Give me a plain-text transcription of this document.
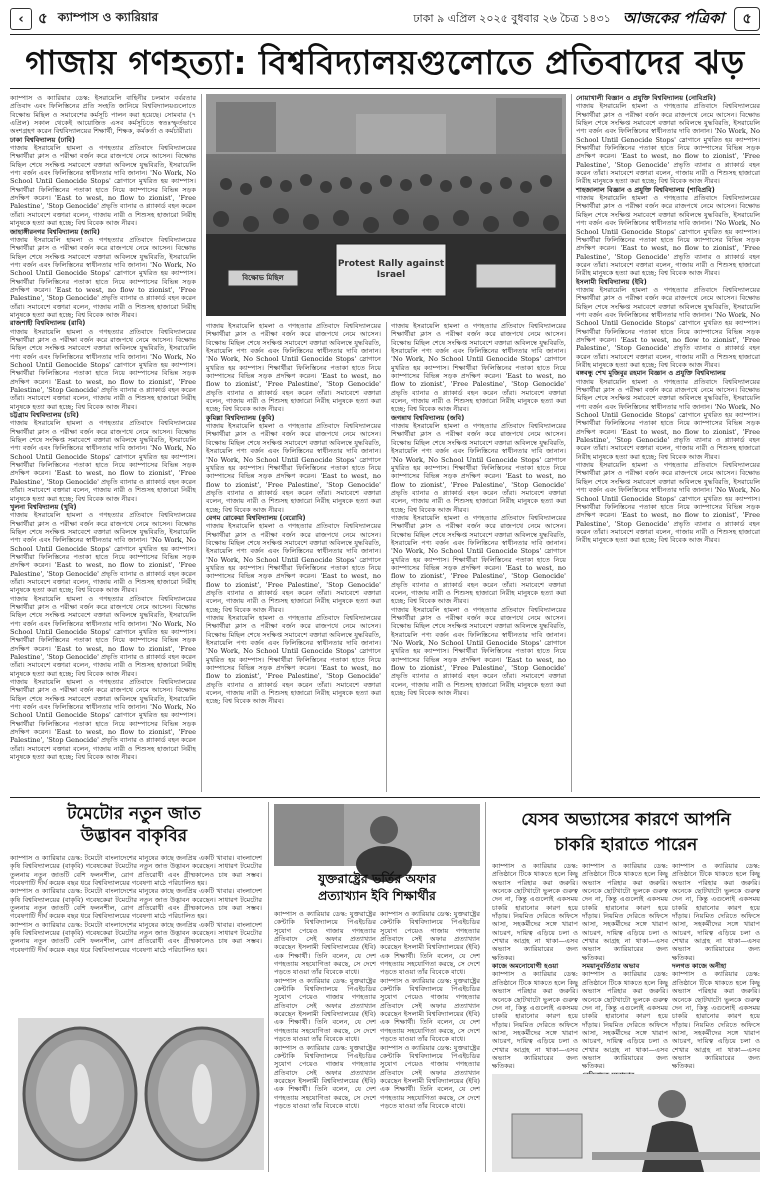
‹ ৫ ক্যাম্পাস ও ক্যারিয়ার	ঢাকা ৯ এপ্রিল ২০২৫ বুধবার ২৬ চৈত্র ১৪৩১ আজকের পত্রিকা	৫
গাজায় গণহত্যা: বিশ্ববিদ্যালয়গুলোতে প্রতিবাদের ঝড়
ক্যাম্পাস ও ক্যারিয়ার ডেস্ক: ইসরায়েলি বাহিনীর চলমান বর্বরতার প্রতিবাদ এবং ফিলিস্তিনের প্রতি সংহতি জানিয়ে বিশ্ববিদ্যালয়গুলোতে বিক্ষোভ মিছিল ও সমাবেশের কর্মসূচি পালন করা হয়েছে। সোমবার (৭ এপ্রিল) সকাল থেকেই আয়োজিত এসব কর্মসূচিতে স্বতঃস্ফূর্তভাবে অংশগ্রহণ করেন বিশ্ববিদ্যালয়ের শিক্ষার্থী, শিক্ষক, কর্মকর্তা ও কর্মচারীরা।
ঢাকা বিশ্ববিদ্যালয় (ঢাবি)

গাজায় ইসরায়েলি হামলা ও গণহত্যার প্রতিবাদে বিশ্ববিদ্যালয়ের শিক্ষার্থীরা ক্লাস ও পরীক্ষা বর্জন করে রাজপথে নেমে আসেন। বিক্ষোভ মিছিল শেষে সংক্ষিপ্ত সমাবেশে বক্তারা অবিলম্বে যুদ্ধবিরতি, ইসরায়েলি পণ্য বর্জন এবং ফিলিস্তিনের স্বাধীনতার দাবি জানান। 'No Work, No School Until Genocide Stops' স্লোগানে মুখরিত হয় ক্যাম্পাস। শিক্ষার্থীরা ফিলিস্তিনের পতাকা হাতে নিয়ে ক্যাম্পাসের বিভিন্ন সড়ক প্রদক্ষিণ করেন। 'East to west, no flow to zionist', 'Free Palestine', 'Stop Genocide' প্রভৃতি ব্যানার ও প্ল্যাকার্ড বহন করেন তাঁরা। সমাবেশে বক্তারা বলেন, গাজায় নারী ও শিশুসহ হাজারো নিরীহ মানুষকে হত্যা করা হচ্ছে; বিশ্ব বিবেক আজ নীরব।
জাহাঙ্গীরনগর বিশ্ববিদ্যালয় (জাবি)

গাজায় ইসরায়েলি হামলা ও গণহত্যার প্রতিবাদে বিশ্ববিদ্যালয়ের শিক্ষার্থীরা ক্লাস ও পরীক্ষা বর্জন করে রাজপথে নেমে আসেন। বিক্ষোভ মিছিল শেষে সংক্ষিপ্ত সমাবেশে বক্তারা অবিলম্বে যুদ্ধবিরতি, ইসরায়েলি পণ্য বর্জন এবং ফিলিস্তিনের স্বাধীনতার দাবি জানান। 'No Work, No School Until Genocide Stops' স্লোগানে মুখরিত হয় ক্যাম্পাস। শিক্ষার্থীরা ফিলিস্তিনের পতাকা হাতে নিয়ে ক্যাম্পাসের বিভিন্ন সড়ক প্রদক্ষিণ করেন। 'East to west, no flow to zionist', 'Free Palestine', 'Stop Genocide' প্রভৃতি ব্যানার ও প্ল্যাকার্ড বহন করেন তাঁরা। সমাবেশে বক্তারা বলেন, গাজায় নারী ও শিশুসহ হাজারো নিরীহ মানুষকে হত্যা করা হচ্ছে; বিশ্ব বিবেক আজ নীরব।
রাজশাহী বিশ্ববিদ্যালয় (রাবি)

গাজায় ইসরায়েলি হামলা ও গণহত্যার প্রতিবাদে বিশ্ববিদ্যালয়ের শিক্ষার্থীরা ক্লাস ও পরীক্ষা বর্জন করে রাজপথে নেমে আসেন। বিক্ষোভ মিছিল শেষে সংক্ষিপ্ত সমাবেশে বক্তারা অবিলম্বে যুদ্ধবিরতি, ইসরায়েলি পণ্য বর্জন এবং ফিলিস্তিনের স্বাধীনতার দাবি জানান। 'No Work, No School Until Genocide Stops' স্লোগানে মুখরিত হয় ক্যাম্পাস। শিক্ষার্থীরা ফিলিস্তিনের পতাকা হাতে নিয়ে ক্যাম্পাসের বিভিন্ন সড়ক প্রদক্ষিণ করেন। 'East to west, no flow to zionist', 'Free Palestine', 'Stop Genocide' প্রভৃতি ব্যানার ও প্ল্যাকার্ড বহন করেন তাঁরা। সমাবেশে বক্তারা বলেন, গাজায় নারী ও শিশুসহ হাজারো নিরীহ মানুষকে হত্যা করা হচ্ছে; বিশ্ব বিবেক আজ নীরব।
চট্টগ্রাম বিশ্ববিদ্যালয় (চবি)

গাজায় ইসরায়েলি হামলা ও গণহত্যার প্রতিবাদে বিশ্ববিদ্যালয়ের শিক্ষার্থীরা ক্লাস ও পরীক্ষা বর্জন করে রাজপথে নেমে আসেন। বিক্ষোভ মিছিল শেষে সংক্ষিপ্ত সমাবেশে বক্তারা অবিলম্বে যুদ্ধবিরতি, ইসরায়েলি পণ্য বর্জন এবং ফিলিস্তিনের স্বাধীনতার দাবি জানান। 'No Work, No School Until Genocide Stops' স্লোগানে মুখরিত হয় ক্যাম্পাস। শিক্ষার্থীরা ফিলিস্তিনের পতাকা হাতে নিয়ে ক্যাম্পাসের বিভিন্ন সড়ক প্রদক্ষিণ করেন। 'East to west, no flow to zionist', 'Free Palestine', 'Stop Genocide' প্রভৃতি ব্যানার ও প্ল্যাকার্ড বহন করেন তাঁরা। সমাবেশে বক্তারা বলেন, গাজায় নারী ও শিশুসহ হাজারো নিরীহ মানুষকে হত্যা করা হচ্ছে; বিশ্ব বিবেক আজ নীরব।
খুলনা বিশ্ববিদ্যালয় (খুবি)

গাজায় ইসরায়েলি হামলা ও গণহত্যার প্রতিবাদে বিশ্ববিদ্যালয়ের শিক্ষার্থীরা ক্লাস ও পরীক্ষা বর্জন করে রাজপথে নেমে আসেন। বিক্ষোভ মিছিল শেষে সংক্ষিপ্ত সমাবেশে বক্তারা অবিলম্বে যুদ্ধবিরতি, ইসরায়েলি পণ্য বর্জন এবং ফিলিস্তিনের স্বাধীনতার দাবি জানান। 'No Work, No School Until Genocide Stops' স্লোগানে মুখরিত হয় ক্যাম্পাস। শিক্ষার্থীরা ফিলিস্তিনের পতাকা হাতে নিয়ে ক্যাম্পাসের বিভিন্ন সড়ক প্রদক্ষিণ করেন। 'East to west, no flow to zionist', 'Free Palestine', 'Stop Genocide' প্রভৃতি ব্যানার ও প্ল্যাকার্ড বহন করেন তাঁরা। সমাবেশে বক্তারা বলেন, গাজায় নারী ও শিশুসহ হাজারো নিরীহ মানুষকে হত্যা করা হচ্ছে; বিশ্ব বিবেক আজ নীরব।
গাজায় ইসরায়েলি হামলা ও গণহত্যার প্রতিবাদে বিশ্ববিদ্যালয়ের শিক্ষার্থীরা ক্লাস ও পরীক্ষা বর্জন করে রাজপথে নেমে আসেন। বিক্ষোভ মিছিল শেষে সংক্ষিপ্ত সমাবেশে বক্তারা অবিলম্বে যুদ্ধবিরতি, ইসরায়েলি পণ্য বর্জন এবং ফিলিস্তিনের স্বাধীনতার দাবি জানান। 'No Work, No School Until Genocide Stops' স্লোগানে মুখরিত হয় ক্যাম্পাস। শিক্ষার্থীরা ফিলিস্তিনের পতাকা হাতে নিয়ে ক্যাম্পাসের বিভিন্ন সড়ক প্রদক্ষিণ করেন। 'East to west, no flow to zionist', 'Free Palestine', 'Stop Genocide' প্রভৃতি ব্যানার ও প্ল্যাকার্ড বহন করেন তাঁরা। সমাবেশে বক্তারা বলেন, গাজায় নারী ও শিশুসহ হাজারো নিরীহ মানুষকে হত্যা করা হচ্ছে; বিশ্ব বিবেক আজ নীরব।
গাজায় ইসরায়েলি হামলা ও গণহত্যার প্রতিবাদে বিশ্ববিদ্যালয়ের শিক্ষার্থীরা ক্লাস ও পরীক্ষা বর্জন করে রাজপথে নেমে আসেন। বিক্ষোভ মিছিল শেষে সংক্ষিপ্ত সমাবেশে বক্তারা অবিলম্বে যুদ্ধবিরতি, ইসরায়েলি পণ্য বর্জন এবং ফিলিস্তিনের স্বাধীনতার দাবি জানান। 'No Work, No School Until Genocide Stops' স্লোগানে মুখরিত হয় ক্যাম্পাস। শিক্ষার্থীরা ফিলিস্তিনের পতাকা হাতে নিয়ে ক্যাম্পাসের বিভিন্ন সড়ক প্রদক্ষিণ করেন। 'East to west, no flow to zionist', 'Free Palestine', 'Stop Genocide' প্রভৃতি ব্যানার ও প্ল্যাকার্ড বহন করেন তাঁরা। সমাবেশে বক্তারা বলেন, গাজায় নারী ও শিশুসহ হাজারো নিরীহ মানুষকে হত্যা করা হচ্ছে; বিশ্ব বিবেক আজ নীরব।
Protest Rally against Israel
বিক্ষোভ মিছিল
গাজায় ইসরায়েলি হামলা ও গণহত্যার প্রতিবাদে বিশ্ববিদ্যালয়ের শিক্ষার্থীরা ক্লাস ও পরীক্ষা বর্জন করে রাজপথে নেমে আসেন। বিক্ষোভ মিছিল শেষে সংক্ষিপ্ত সমাবেশে বক্তারা অবিলম্বে যুদ্ধবিরতি, ইসরায়েলি পণ্য বর্জন এবং ফিলিস্তিনের স্বাধীনতার দাবি জানান। 'No Work, No School Until Genocide Stops' স্লোগানে মুখরিত হয় ক্যাম্পাস। শিক্ষার্থীরা ফিলিস্তিনের পতাকা হাতে নিয়ে ক্যাম্পাসের বিভিন্ন সড়ক প্রদক্ষিণ করেন। 'East to west, no flow to zionist', 'Free Palestine', 'Stop Genocide' প্রভৃতি ব্যানার ও প্ল্যাকার্ড বহন করেন তাঁরা। সমাবেশে বক্তারা বলেন, গাজায় নারী ও শিশুসহ হাজারো নিরীহ মানুষকে হত্যা করা হচ্ছে; বিশ্ব বিবেক আজ নীরব।
কুমিল্লা বিশ্ববিদ্যালয় (কুবি)

গাজায় ইসরায়েলি হামলা ও গণহত্যার প্রতিবাদে বিশ্ববিদ্যালয়ের শিক্ষার্থীরা ক্লাস ও পরীক্ষা বর্জন করে রাজপথে নেমে আসেন। বিক্ষোভ মিছিল শেষে সংক্ষিপ্ত সমাবেশে বক্তারা অবিলম্বে যুদ্ধবিরতি, ইসরায়েলি পণ্য বর্জন এবং ফিলিস্তিনের স্বাধীনতার দাবি জানান। 'No Work, No School Until Genocide Stops' স্লোগানে মুখরিত হয় ক্যাম্পাস। শিক্ষার্থীরা ফিলিস্তিনের পতাকা হাতে নিয়ে ক্যাম্পাসের বিভিন্ন সড়ক প্রদক্ষিণ করেন। 'East to west, no flow to zionist', 'Free Palestine', 'Stop Genocide' প্রভৃতি ব্যানার ও প্ল্যাকার্ড বহন করেন তাঁরা। সমাবেশে বক্তারা বলেন, গাজায় নারী ও শিশুসহ হাজারো নিরীহ মানুষকে হত্যা করা হচ্ছে; বিশ্ব বিবেক আজ নীরব।
বেগম রোকেয়া বিশ্ববিদ্যালয় (বেরোবি)

গাজায় ইসরায়েলি হামলা ও গণহত্যার প্রতিবাদে বিশ্ববিদ্যালয়ের শিক্ষার্থীরা ক্লাস ও পরীক্ষা বর্জন করে রাজপথে নেমে আসেন। বিক্ষোভ মিছিল শেষে সংক্ষিপ্ত সমাবেশে বক্তারা অবিলম্বে যুদ্ধবিরতি, ইসরায়েলি পণ্য বর্জন এবং ফিলিস্তিনের স্বাধীনতার দাবি জানান। 'No Work, No School Until Genocide Stops' স্লোগানে মুখরিত হয় ক্যাম্পাস। শিক্ষার্থীরা ফিলিস্তিনের পতাকা হাতে নিয়ে ক্যাম্পাসের বিভিন্ন সড়ক প্রদক্ষিণ করেন। 'East to west, no flow to zionist', 'Free Palestine', 'Stop Genocide' প্রভৃতি ব্যানার ও প্ল্যাকার্ড বহন করেন তাঁরা। সমাবেশে বক্তারা বলেন, গাজায় নারী ও শিশুসহ হাজারো নিরীহ মানুষকে হত্যা করা হচ্ছে; বিশ্ব বিবেক আজ নীরব।
গাজায় ইসরায়েলি হামলা ও গণহত্যার প্রতিবাদে বিশ্ববিদ্যালয়ের শিক্ষার্থীরা ক্লাস ও পরীক্ষা বর্জন করে রাজপথে নেমে আসেন। বিক্ষোভ মিছিল শেষে সংক্ষিপ্ত সমাবেশে বক্তারা অবিলম্বে যুদ্ধবিরতি, ইসরায়েলি পণ্য বর্জন এবং ফিলিস্তিনের স্বাধীনতার দাবি জানান। 'No Work, No School Until Genocide Stops' স্লোগানে মুখরিত হয় ক্যাম্পাস। শিক্ষার্থীরা ফিলিস্তিনের পতাকা হাতে নিয়ে ক্যাম্পাসের বিভিন্ন সড়ক প্রদক্ষিণ করেন। 'East to west, no flow to zionist', 'Free Palestine', 'Stop Genocide' প্রভৃতি ব্যানার ও প্ল্যাকার্ড বহন করেন তাঁরা। সমাবেশে বক্তারা বলেন, গাজায় নারী ও শিশুসহ হাজারো নিরীহ মানুষকে হত্যা করা হচ্ছে; বিশ্ব বিবেক আজ নীরব।
গাজায় ইসরায়েলি হামলা ও গণহত্যার প্রতিবাদে বিশ্ববিদ্যালয়ের শিক্ষার্থীরা ক্লাস ও পরীক্ষা বর্জন করে রাজপথে নেমে আসেন। বিক্ষোভ মিছিল শেষে সংক্ষিপ্ত সমাবেশে বক্তারা অবিলম্বে যুদ্ধবিরতি, ইসরায়েলি পণ্য বর্জন এবং ফিলিস্তিনের স্বাধীনতার দাবি জানান। 'No Work, No School Until Genocide Stops' স্লোগানে মুখরিত হয় ক্যাম্পাস। শিক্ষার্থীরা ফিলিস্তিনের পতাকা হাতে নিয়ে ক্যাম্পাসের বিভিন্ন সড়ক প্রদক্ষিণ করেন। 'East to west, no flow to zionist', 'Free Palestine', 'Stop Genocide' প্রভৃতি ব্যানার ও প্ল্যাকার্ড বহন করেন তাঁরা। সমাবেশে বক্তারা বলেন, গাজায় নারী ও শিশুসহ হাজারো নিরীহ মানুষকে হত্যা করা হচ্ছে; বিশ্ব বিবেক আজ নীরব।
জগন্নাথ বিশ্ববিদ্যালয় (জবি)

গাজায় ইসরায়েলি হামলা ও গণহত্যার প্রতিবাদে বিশ্ববিদ্যালয়ের শিক্ষার্থীরা ক্লাস ও পরীক্ষা বর্জন করে রাজপথে নেমে আসেন। বিক্ষোভ মিছিল শেষে সংক্ষিপ্ত সমাবেশে বক্তারা অবিলম্বে যুদ্ধবিরতি, ইসরায়েলি পণ্য বর্জন এবং ফিলিস্তিনের স্বাধীনতার দাবি জানান। 'No Work, No School Until Genocide Stops' স্লোগানে মুখরিত হয় ক্যাম্পাস। শিক্ষার্থীরা ফিলিস্তিনের পতাকা হাতে নিয়ে ক্যাম্পাসের বিভিন্ন সড়ক প্রদক্ষিণ করেন। 'East to west, no flow to zionist', 'Free Palestine', 'Stop Genocide' প্রভৃতি ব্যানার ও প্ল্যাকার্ড বহন করেন তাঁরা। সমাবেশে বক্তারা বলেন, গাজায় নারী ও শিশুসহ হাজারো নিরীহ মানুষকে হত্যা করা হচ্ছে; বিশ্ব বিবেক আজ নীরব।
গাজায় ইসরায়েলি হামলা ও গণহত্যার প্রতিবাদে বিশ্ববিদ্যালয়ের শিক্ষার্থীরা ক্লাস ও পরীক্ষা বর্জন করে রাজপথে নেমে আসেন। বিক্ষোভ মিছিল শেষে সংক্ষিপ্ত সমাবেশে বক্তারা অবিলম্বে যুদ্ধবিরতি, ইসরায়েলি পণ্য বর্জন এবং ফিলিস্তিনের স্বাধীনতার দাবি জানান। 'No Work, No School Until Genocide Stops' স্লোগানে মুখরিত হয় ক্যাম্পাস। শিক্ষার্থীরা ফিলিস্তিনের পতাকা হাতে নিয়ে ক্যাম্পাসের বিভিন্ন সড়ক প্রদক্ষিণ করেন। 'East to west, no flow to zionist', 'Free Palestine', 'Stop Genocide' প্রভৃতি ব্যানার ও প্ল্যাকার্ড বহন করেন তাঁরা। সমাবেশে বক্তারা বলেন, গাজায় নারী ও শিশুসহ হাজারো নিরীহ মানুষকে হত্যা করা হচ্ছে; বিশ্ব বিবেক আজ নীরব।
গাজায় ইসরায়েলি হামলা ও গণহত্যার প্রতিবাদে বিশ্ববিদ্যালয়ের শিক্ষার্থীরা ক্লাস ও পরীক্ষা বর্জন করে রাজপথে নেমে আসেন। বিক্ষোভ মিছিল শেষে সংক্ষিপ্ত সমাবেশে বক্তারা অবিলম্বে যুদ্ধবিরতি, ইসরায়েলি পণ্য বর্জন এবং ফিলিস্তিনের স্বাধীনতার দাবি জানান। 'No Work, No School Until Genocide Stops' স্লোগানে মুখরিত হয় ক্যাম্পাস। শিক্ষার্থীরা ফিলিস্তিনের পতাকা হাতে নিয়ে ক্যাম্পাসের বিভিন্ন সড়ক প্রদক্ষিণ করেন। 'East to west, no flow to zionist', 'Free Palestine', 'Stop Genocide' প্রভৃতি ব্যানার ও প্ল্যাকার্ড বহন করেন তাঁরা। সমাবেশে বক্তারা বলেন, গাজায় নারী ও শিশুসহ হাজারো নিরীহ মানুষকে হত্যা করা হচ্ছে; বিশ্ব বিবেক আজ নীরব।
নোয়াখালী বিজ্ঞান ও প্রযুক্তি বিশ্ববিদ্যালয় (নোবিপ্রবি)

গাজায় ইসরায়েলি হামলা ও গণহত্যার প্রতিবাদে বিশ্ববিদ্যালয়ের শিক্ষার্থীরা ক্লাস ও পরীক্ষা বর্জন করে রাজপথে নেমে আসেন। বিক্ষোভ মিছিল শেষে সংক্ষিপ্ত সমাবেশে বক্তারা অবিলম্বে যুদ্ধবিরতি, ইসরায়েলি পণ্য বর্জন এবং ফিলিস্তিনের স্বাধীনতার দাবি জানান। 'No Work, No School Until Genocide Stops' স্লোগানে মুখরিত হয় ক্যাম্পাস। শিক্ষার্থীরা ফিলিস্তিনের পতাকা হাতে নিয়ে ক্যাম্পাসের বিভিন্ন সড়ক প্রদক্ষিণ করেন। 'East to west, no flow to zionist', 'Free Palestine', 'Stop Genocide' প্রভৃতি ব্যানার ও প্ল্যাকার্ড বহন করেন তাঁরা। সমাবেশে বক্তারা বলেন, গাজায় নারী ও শিশুসহ হাজারো নিরীহ মানুষকে হত্যা করা হচ্ছে; বিশ্ব বিবেক আজ নীরব।
শাহজালাল বিজ্ঞান ও প্রযুক্তি বিশ্ববিদ্যালয় (শাবিপ্রবি)

গাজায় ইসরায়েলি হামলা ও গণহত্যার প্রতিবাদে বিশ্ববিদ্যালয়ের শিক্ষার্থীরা ক্লাস ও পরীক্ষা বর্জন করে রাজপথে নেমে আসেন। বিক্ষোভ মিছিল শেষে সংক্ষিপ্ত সমাবেশে বক্তারা অবিলম্বে যুদ্ধবিরতি, ইসরায়েলি পণ্য বর্জন এবং ফিলিস্তিনের স্বাধীনতার দাবি জানান। 'No Work, No School Until Genocide Stops' স্লোগানে মুখরিত হয় ক্যাম্পাস। শিক্ষার্থীরা ফিলিস্তিনের পতাকা হাতে নিয়ে ক্যাম্পাসের বিভিন্ন সড়ক প্রদক্ষিণ করেন। 'East to west, no flow to zionist', 'Free Palestine', 'Stop Genocide' প্রভৃতি ব্যানার ও প্ল্যাকার্ড বহন করেন তাঁরা। সমাবেশে বক্তারা বলেন, গাজায় নারী ও শিশুসহ হাজারো নিরীহ মানুষকে হত্যা করা হচ্ছে; বিশ্ব বিবেক আজ নীরব।
ইসলামী বিশ্ববিদ্যালয় (ইবি)

গাজায় ইসরায়েলি হামলা ও গণহত্যার প্রতিবাদে বিশ্ববিদ্যালয়ের শিক্ষার্থীরা ক্লাস ও পরীক্ষা বর্জন করে রাজপথে নেমে আসেন। বিক্ষোভ মিছিল শেষে সংক্ষিপ্ত সমাবেশে বক্তারা অবিলম্বে যুদ্ধবিরতি, ইসরায়েলি পণ্য বর্জন এবং ফিলিস্তিনের স্বাধীনতার দাবি জানান। 'No Work, No School Until Genocide Stops' স্লোগানে মুখরিত হয় ক্যাম্পাস। শিক্ষার্থীরা ফিলিস্তিনের পতাকা হাতে নিয়ে ক্যাম্পাসের বিভিন্ন সড়ক প্রদক্ষিণ করেন। 'East to west, no flow to zionist', 'Free Palestine', 'Stop Genocide' প্রভৃতি ব্যানার ও প্ল্যাকার্ড বহন করেন তাঁরা। সমাবেশে বক্তারা বলেন, গাজায় নারী ও শিশুসহ হাজারো নিরীহ মানুষকে হত্যা করা হচ্ছে; বিশ্ব বিবেক আজ নীরব।
বঙ্গবন্ধু শেখ মুজিবুর রহমান বিজ্ঞান ও প্রযুক্তি বিশ্ববিদ্যালয়

গাজায় ইসরায়েলি হামলা ও গণহত্যার প্রতিবাদে বিশ্ববিদ্যালয়ের শিক্ষার্থীরা ক্লাস ও পরীক্ষা বর্জন করে রাজপথে নেমে আসেন। বিক্ষোভ মিছিল শেষে সংক্ষিপ্ত সমাবেশে বক্তারা অবিলম্বে যুদ্ধবিরতি, ইসরায়েলি পণ্য বর্জন এবং ফিলিস্তিনের স্বাধীনতার দাবি জানান। 'No Work, No School Until Genocide Stops' স্লোগানে মুখরিত হয় ক্যাম্পাস। শিক্ষার্থীরা ফিলিস্তিনের পতাকা হাতে নিয়ে ক্যাম্পাসের বিভিন্ন সড়ক প্রদক্ষিণ করেন। 'East to west, no flow to zionist', 'Free Palestine', 'Stop Genocide' প্রভৃতি ব্যানার ও প্ল্যাকার্ড বহন করেন তাঁরা। সমাবেশে বক্তারা বলেন, গাজায় নারী ও শিশুসহ হাজারো নিরীহ মানুষকে হত্যা করা হচ্ছে; বিশ্ব বিবেক আজ নীরব।
গাজায় ইসরায়েলি হামলা ও গণহত্যার প্রতিবাদে বিশ্ববিদ্যালয়ের শিক্ষার্থীরা ক্লাস ও পরীক্ষা বর্জন করে রাজপথে নেমে আসেন। বিক্ষোভ মিছিল শেষে সংক্ষিপ্ত সমাবেশে বক্তারা অবিলম্বে যুদ্ধবিরতি, ইসরায়েলি পণ্য বর্জন এবং ফিলিস্তিনের স্বাধীনতার দাবি জানান। 'No Work, No School Until Genocide Stops' স্লোগানে মুখরিত হয় ক্যাম্পাস। শিক্ষার্থীরা ফিলিস্তিনের পতাকা হাতে নিয়ে ক্যাম্পাসের বিভিন্ন সড়ক প্রদক্ষিণ করেন। 'East to west, no flow to zionist', 'Free Palestine', 'Stop Genocide' প্রভৃতি ব্যানার ও প্ল্যাকার্ড বহন করেন তাঁরা। সমাবেশে বক্তারা বলেন, গাজায় নারী ও শিশুসহ হাজারো নিরীহ মানুষকে হত্যা করা হচ্ছে; বিশ্ব বিবেক আজ নীরব।
টমেটোর নতুন জাত
উদ্ভাবন বাকৃবির
ক্যাম্পাস ও ক্যারিয়ার ডেস্ক: টমেটো বাংলাদেশের মানুষের কাছে জনপ্রিয় একটি খাবার। বাংলাদেশ কৃষি বিশ্ববিদ্যালয়ের (বাকৃবি) গবেষকেরা টমেটোর নতুন জাত উদ্ভাবন করেছেন। সাধারণ টমেটোর তুলনায় নতুন জাতটি বেশি ফলনশীল, রোগ প্রতিরোধী এবং গ্রীষ্মকালেও চাষ করা সম্ভব। গবেষণাটি দীর্ঘ কয়েক বছর ধরে বিশ্ববিদ্যালয়ের গবেষণা মাঠে পরিচালিত হয়।
ক্যাম্পাস ও ক্যারিয়ার ডেস্ক: টমেটো বাংলাদেশের মানুষের কাছে জনপ্রিয় একটি খাবার। বাংলাদেশ কৃষি বিশ্ববিদ্যালয়ের (বাকৃবি) গবেষকেরা টমেটোর নতুন জাত উদ্ভাবন করেছেন। সাধারণ টমেটোর তুলনায় নতুন জাতটি বেশি ফলনশীল, রোগ প্রতিরোধী এবং গ্রীষ্মকালেও চাষ করা সম্ভব। গবেষণাটি দীর্ঘ কয়েক বছর ধরে বিশ্ববিদ্যালয়ের গবেষণা মাঠে পরিচালিত হয়।
ক্যাম্পাস ও ক্যারিয়ার ডেস্ক: টমেটো বাংলাদেশের মানুষের কাছে জনপ্রিয় একটি খাবার। বাংলাদেশ কৃষি বিশ্ববিদ্যালয়ের (বাকৃবি) গবেষকেরা টমেটোর নতুন জাত উদ্ভাবন করেছেন। সাধারণ টমেটোর তুলনায় নতুন জাতটি বেশি ফলনশীল, রোগ প্রতিরোধী এবং গ্রীষ্মকালেও চাষ করা সম্ভব। গবেষণাটি দীর্ঘ কয়েক বছর ধরে বিশ্ববিদ্যালয়ের গবেষণা মাঠে পরিচালিত হয়।
যুক্তরাষ্ট্রের ভর্তির অফার
প্রত্যাখ্যান ইবি শিক্ষার্থীর
ক্যাম্পাস ও ক্যারিয়ার ডেস্ক: যুক্তরাষ্ট্রের কেন্টাকি বিশ্ববিদ্যালয়ে পিএইচডির সুযোগ পেয়েও গাজায় গণহত্যার প্রতিবাদে সেই অফার প্রত্যাখ্যান করেছেন ইসলামী বিশ্ববিদ্যালয়ের (ইবি) এক শিক্ষার্থী। তিনি বলেন, যে দেশ গণহত্যায় সহযোগিতা করছে, সে দেশে পড়তে যাওয়া তাঁর বিবেকে বাধে।
ক্যাম্পাস ও ক্যারিয়ার ডেস্ক: যুক্তরাষ্ট্রের কেন্টাকি বিশ্ববিদ্যালয়ে পিএইচডির সুযোগ পেয়েও গাজায় গণহত্যার প্রতিবাদে সেই অফার প্রত্যাখ্যান করেছেন ইসলামী বিশ্ববিদ্যালয়ের (ইবি) এক শিক্ষার্থী। তিনি বলেন, যে দেশ গণহত্যায় সহযোগিতা করছে, সে দেশে পড়তে যাওয়া তাঁর বিবেকে বাধে।
ক্যাম্পাস ও ক্যারিয়ার ডেস্ক: যুক্তরাষ্ট্রের কেন্টাকি বিশ্ববিদ্যালয়ে পিএইচডির সুযোগ পেয়েও গাজায় গণহত্যার প্রতিবাদে সেই অফার প্রত্যাখ্যান করেছেন ইসলামী বিশ্ববিদ্যালয়ের (ইবি) এক শিক্ষার্থী। তিনি বলেন, যে দেশ গণহত্যায় সহযোগিতা করছে, সে দেশে পড়তে যাওয়া তাঁর বিবেকে বাধে।
ক্যাম্পাস ও ক্যারিয়ার ডেস্ক: যুক্তরাষ্ট্রের কেন্টাকি বিশ্ববিদ্যালয়ে পিএইচডির সুযোগ পেয়েও গাজায় গণহত্যার প্রতিবাদে সেই অফার প্রত্যাখ্যান করেছেন ইসলামী বিশ্ববিদ্যালয়ের (ইবি) এক শিক্ষার্থী। তিনি বলেন, যে দেশ গণহত্যায় সহযোগিতা করছে, সে দেশে পড়তে যাওয়া তাঁর বিবেকে বাধে।
ক্যাম্পাস ও ক্যারিয়ার ডেস্ক: যুক্তরাষ্ট্রের কেন্টাকি বিশ্ববিদ্যালয়ে পিএইচডির সুযোগ পেয়েও গাজায় গণহত্যার প্রতিবাদে সেই অফার প্রত্যাখ্যান করেছেন ইসলামী বিশ্ববিদ্যালয়ের (ইবি) এক শিক্ষার্থী। তিনি বলেন, যে দেশ গণহত্যায় সহযোগিতা করছে, সে দেশে পড়তে যাওয়া তাঁর বিবেকে বাধে।
ক্যাম্পাস ও ক্যারিয়ার ডেস্ক: যুক্তরাষ্ট্রের কেন্টাকি বিশ্ববিদ্যালয়ে পিএইচডির সুযোগ পেয়েও গাজায় গণহত্যার প্রতিবাদে সেই অফার প্রত্যাখ্যান করেছেন ইসলামী বিশ্ববিদ্যালয়ের (ইবি) এক শিক্ষার্থী। তিনি বলেন, যে দেশ গণহত্যায় সহযোগিতা করছে, সে দেশে পড়তে যাওয়া তাঁর বিবেকে বাধে।
যেসব অভ্যাসের কারণে আপনি
চাকরি হারাতে পারেন
ক্যাম্পাস ও ক্যারিয়ার ডেস্ক: প্রতিষ্ঠানে টিকে থাকতে হলে কিছু অভ্যাস পরিহার করা জরুরি। অনেকে ছোটখাটো ভুলকে গুরুত্ব দেন না, কিন্তু এগুলোই একসময় চাকরি হারানোর কারণ হয়ে দাঁড়ায়। নিয়মিত দেরিতে অফিসে আসা, সহকর্মীদের সঙ্গে খারাপ আচরণ, দায়িত্ব এড়িয়ে চলা ও শেখার আগ্রহ না থাকা—এসব অভ্যাস ক্যারিয়ারের জন্য ক্ষতিকর।
কাজে অমনোযোগী হওয়া

ক্যাম্পাস ও ক্যারিয়ার ডেস্ক: প্রতিষ্ঠানে টিকে থাকতে হলে কিছু অভ্যাস পরিহার করা জরুরি। অনেকে ছোটখাটো ভুলকে গুরুত্ব দেন না, কিন্তু এগুলোই একসময় চাকরি হারানোর কারণ হয়ে দাঁড়ায়। নিয়মিত দেরিতে অফিসে আসা, সহকর্মীদের সঙ্গে খারাপ আচরণ, দায়িত্ব এড়িয়ে চলা ও শেখার আগ্রহ না থাকা—এসব অভ্যাস ক্যারিয়ারের জন্য ক্ষতিকর।
ক্যাম্পাস ও ক্যারিয়ার ডেস্ক: প্রতিষ্ঠানে টিকে থাকতে হলে কিছু অভ্যাস পরিহার করা জরুরি। অনেকে ছোটখাটো ভুলকে গুরুত্ব দেন না, কিন্তু এগুলোই একসময় চাকরি হারানোর কারণ হয়ে দাঁড়ায়। নিয়মিত দেরিতে অফিসে আসা, সহকর্মীদের সঙ্গে খারাপ আচরণ, দায়িত্ব এড়িয়ে চলা ও শেখার আগ্রহ না থাকা—এসব অভ্যাস ক্যারিয়ারের জন্য ক্ষতিকর।
সময়ানুবর্তিতার অভাব

ক্যাম্পাস ও ক্যারিয়ার ডেস্ক: প্রতিষ্ঠানে টিকে থাকতে হলে কিছু অভ্যাস পরিহার করা জরুরি। অনেকে ছোটখাটো ভুলকে গুরুত্ব দেন না, কিন্তু এগুলোই একসময় চাকরি হারানোর কারণ হয়ে দাঁড়ায়। নিয়মিত দেরিতে অফিসে আসা, সহকর্মীদের সঙ্গে খারাপ আচরণ, দায়িত্ব এড়িয়ে চলা ও শেখার আগ্রহ না থাকা—এসব অভ্যাস ক্যারিয়ারের জন্য ক্ষতিকর।

ক্যাম্পাস ও ক্যারিয়ার ডেস্ক: প্রতিষ্ঠানে টিকে থাকতে হলে কিছু অভ্যাস পরিহার করা জরুরি। অনেকে ছোটখাটো ভুলকে গুরুত্ব দেন না, কিন্তু এগুলোই একসময় চাকরি হারানোর কারণ হয়ে দাঁড়ায়। নিয়মিত দেরিতে অফিসে আসা, সহকর্মীদের সঙ্গে খারাপ আচরণ, দায়িত্ব এড়িয়ে চলা ও শেখার আগ্রহ না থাকা—এসব অভ্যাস ক্যারিয়ারের জন্য ক্ষতিকর।
দলগত কাজে অনীহা

ক্যাম্পাস ও ক্যারিয়ার ডেস্ক: প্রতিষ্ঠানে টিকে থাকতে হলে কিছু অভ্যাস পরিহার করা জরুরি। অনেকে ছোটখাটো ভুলকে গুরুত্ব দেন না, কিন্তু এগুলোই একসময় চাকরি হারানোর কারণ হয়ে দাঁড়ায়। নিয়মিত দেরিতে অফিসে আসা, সহকর্মীদের সঙ্গে খারাপ আচরণ, দায়িত্ব এড়িয়ে চলা ও শেখার আগ্রহ না থাকা—এসব অভ্যাস ক্যারিয়ারের জন্য ক্ষতিকর।
